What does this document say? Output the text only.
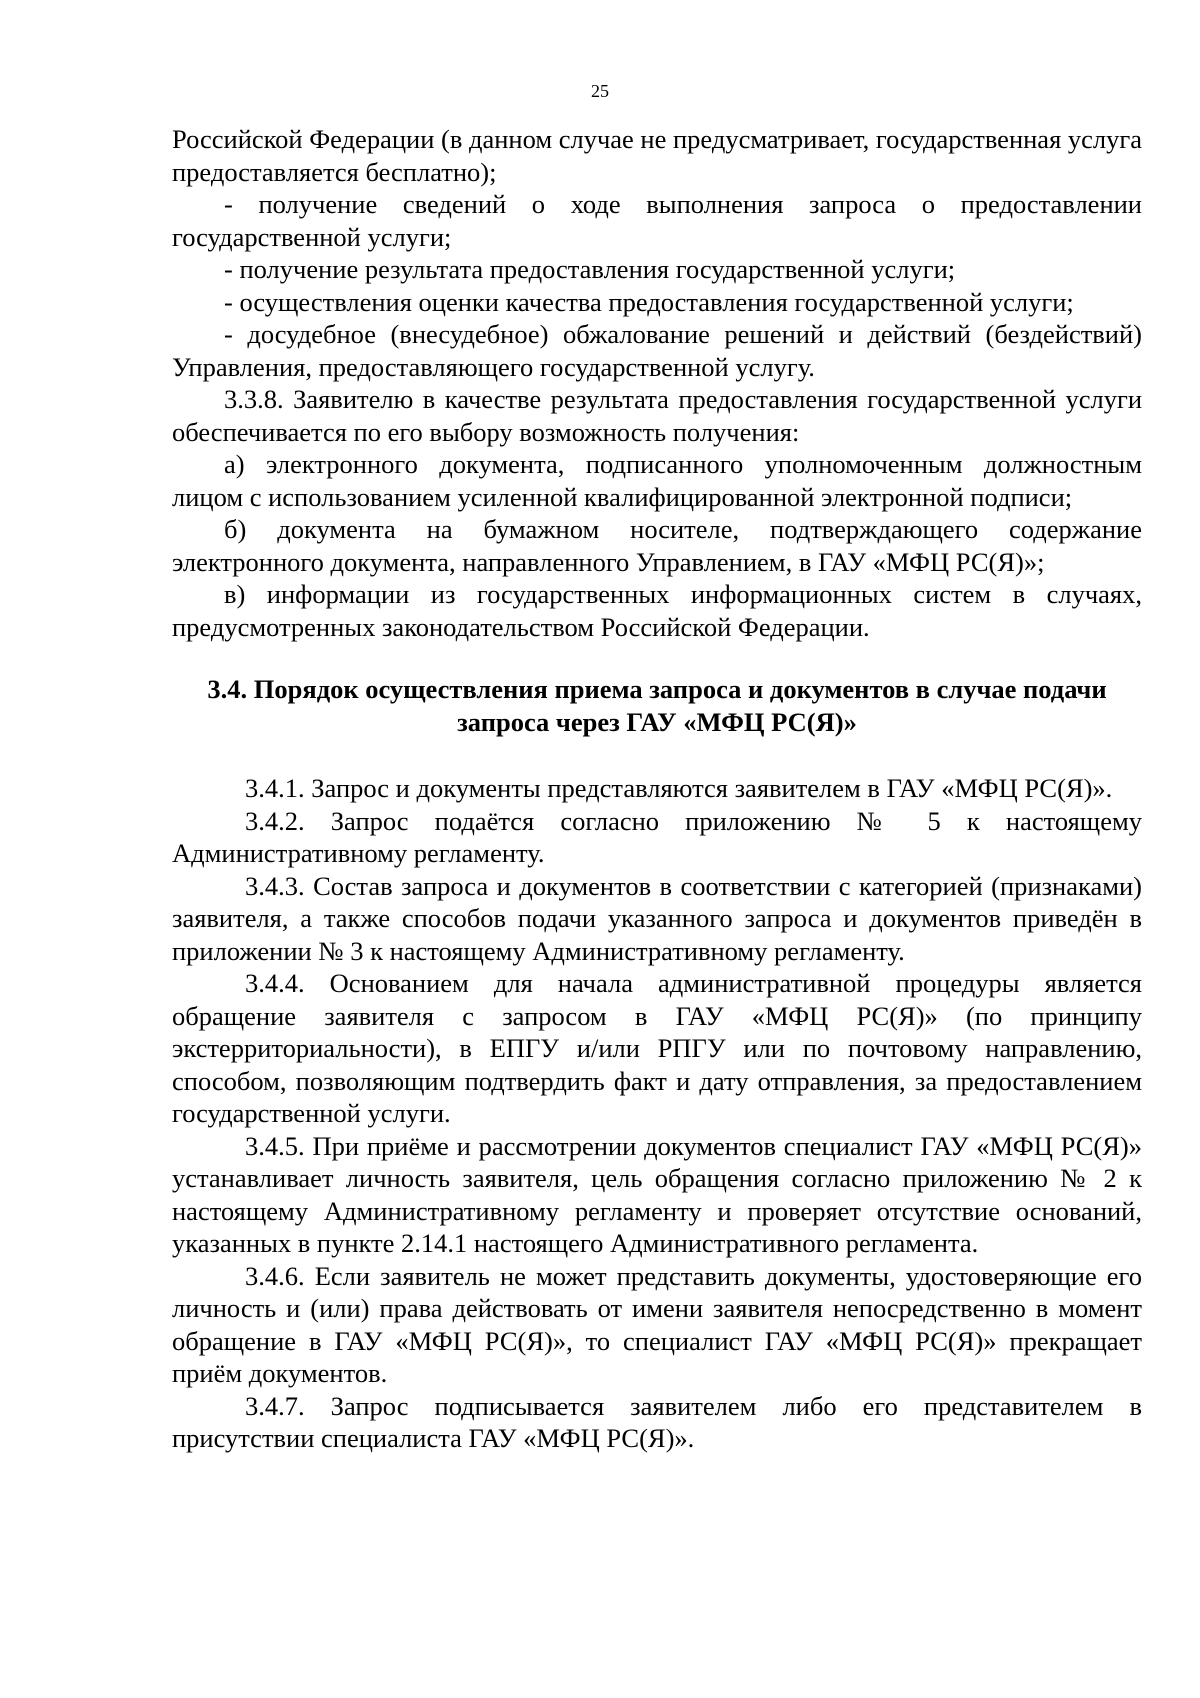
25

Российской Федерации (в данном случае не предусматривает, государственная услуга предоставляется бесплатно);

- получение сведений о ходе выполнения запроса о предоставлении государственной услуги;

- получение результата предоставления государственной услуги;

- осуществления оценки качества предоставления государственной услуги;

- досудебное (внесудебное) обжалование решений и действий (бездействий) Управления, предоставляющего государственной услугу.

3.3.8. Заявителю в качестве результата предоставления государственной услуги обеспечивается по его выбору возможность получения:

а) электронного документа, подписанного уполномоченным должностным лицом с использованием усиленной квалифицированной электронной подписи;

б) документа на бумажном носителе, подтверждающего содержание электронного документа, направленного Управлением, в ГАУ «МФЦ РС(Я)»;

в) информации из государственных информационных систем в случаях, предусмотренных законодательством Российской Федерации.

3.4. Порядок осуществления приема запроса и документов в случае подачи
запроса через ГАУ «МФЦ РС(Я)»

3.4.1. Запрос и документы представляются заявителем в ГАУ «МФЦ РС(Я)».

3.4.2. Запрос подаётся согласно приложению № 5 к настоящему Административному регламенту.

3.4.3. Состав запроса и документов в соответствии с категорией (признаками) заявителя, а также способов подачи указанного запроса и документов приведён в приложении № 3 к настоящему Административному регламенту.

3.4.4. Основанием для начала административной процедуры является обращение заявителя с запросом в ГАУ «МФЦ РС(Я)» (по принципу экстерриториальности), в ЕПГУ и/или РПГУ или по почтовому направлению, способом, позволяющим подтвердить факт и дату отправления, за предоставлением государственной услуги.

3.4.5. При приёме и рассмотрении документов специалист ГАУ «МФЦ РС(Я)» устанавливает личность заявителя, цель обращения согласно приложению № 2 к настоящему Административному регламенту и проверяет отсутствие оснований, указанных в пункте 2.14.1 настоящего Административного регламента.

3.4.6. Если заявитель не может представить документы, удостоверяющие его личность и (или) права действовать от имени заявителя непосредственно в момент обращение в ГАУ «МФЦ РС(Я)», то специалист ГАУ «МФЦ РС(Я)» прекращает приём документов.

3.4.7. Запрос подписывается заявителем либо его представителем в присутствии специалиста ГАУ «МФЦ РС(Я)».
